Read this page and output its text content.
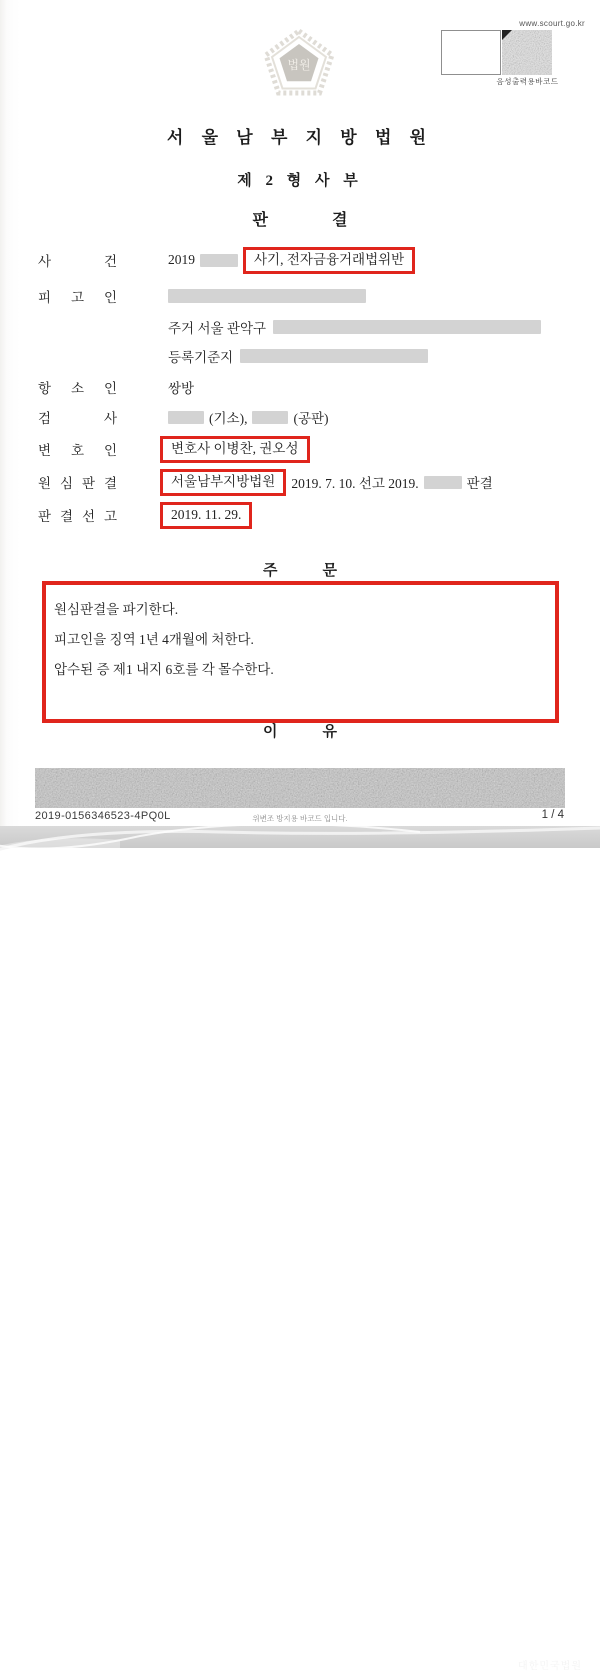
www.scourt.go.kr
음성출력용바코드
법원
서 울 남 부 지 방 법 원
제 2 형 사 부
판                결
사 건	2019	사기, 전자금융거래법위반
피 고 인
주거 서울 관악구
등록기준지
항 소 인	쌍방
검 사	(기소),	(공판)
변 호 인	변호사 이병찬, 권오성
원 심 판 결	서울남부지방법원	2019. 7. 10. 선고 2019.	판결
판 결 선 고	2019. 11. 29.
주            문
원심판결을 파기한다.
피고인을 징역 1년 4개월에 처한다.
압수된 증 제1 내지 6호를 각 몰수한다.
이            유
2019-0156346523-4PQ0L	위변조 방지용 바코드 입니다.	1 / 4
대한민국법원
